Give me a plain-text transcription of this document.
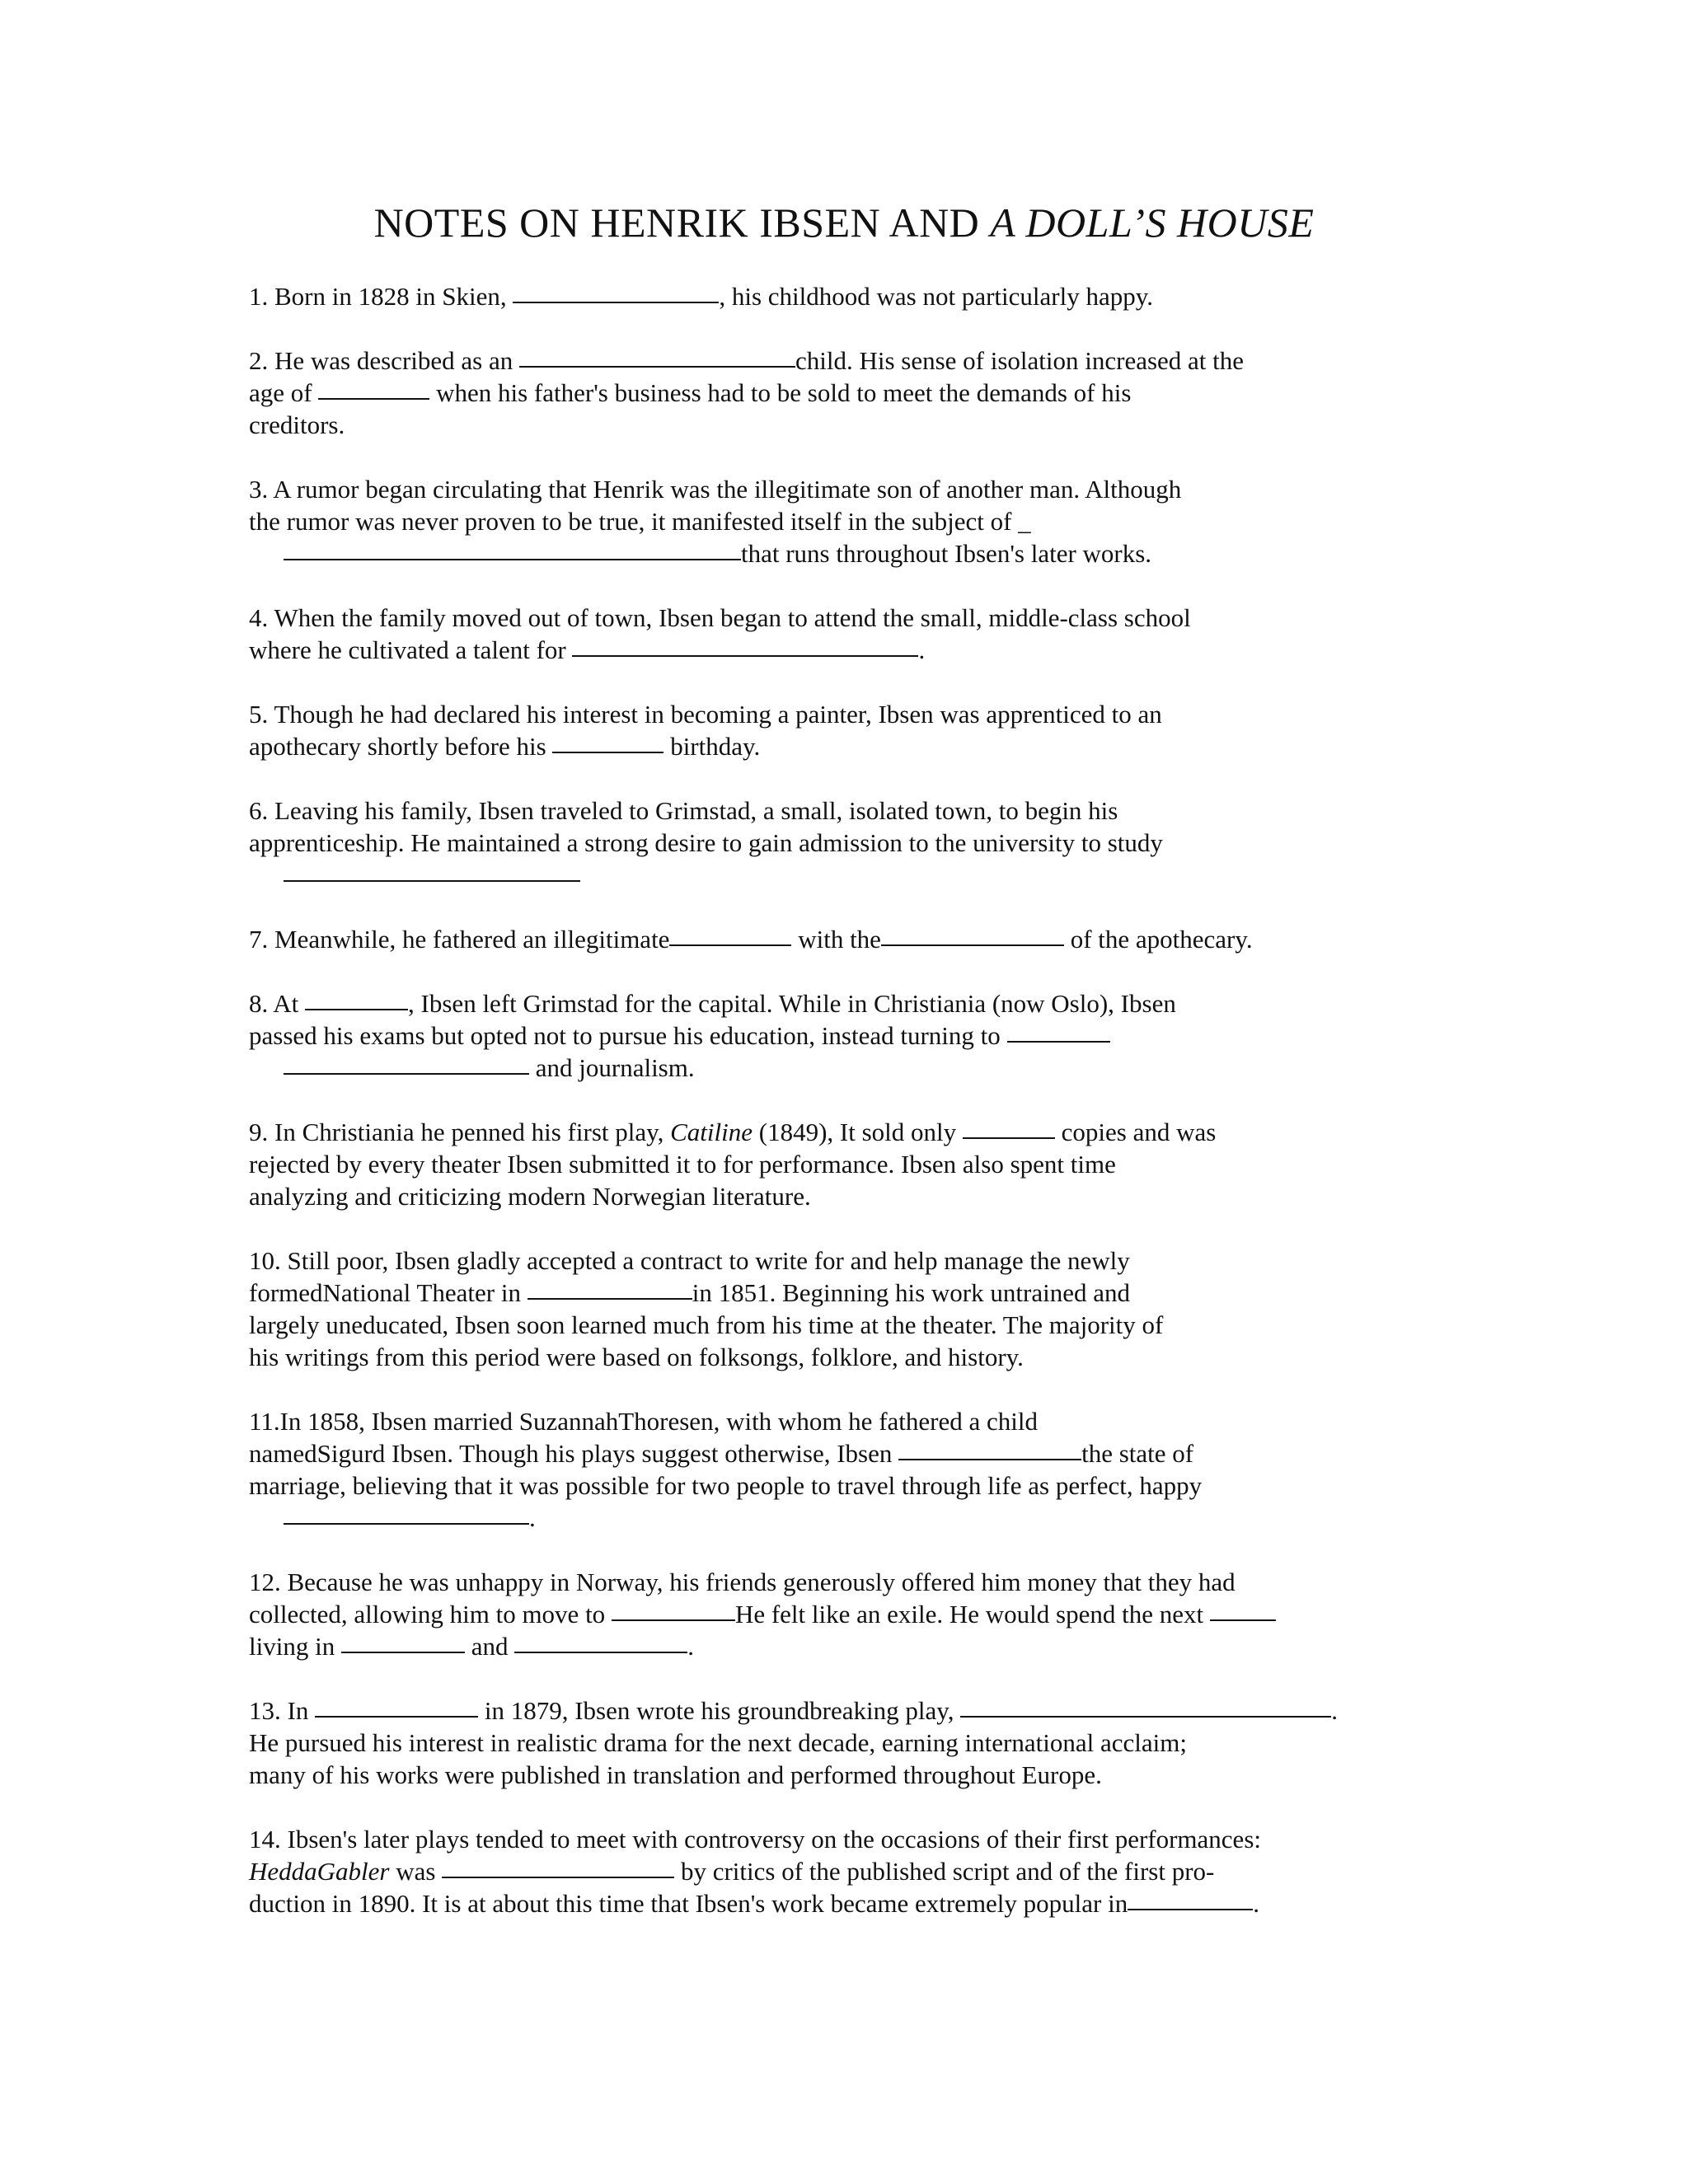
NOTES ON HENRIK IBSEN AND A DOLL’S HOUSE
1. Born in 1828 in Skien,	, his childhood was not particularly happy.
2. He was described as an	child. His sense of isolation increased at the
age of	when his father's business had to be sold to meet the demands of his
creditors.
3. A rumor began circulating that Henrik was the illegitimate son of another man. Although
the rumor was never proven to be true, it manifested itself in the subject of _
that runs throughout Ibsen's later works.
4. When the family moved out of town, Ibsen began to attend the small, middle-class school
where he cultivated a talent for	.
5. Though he had declared his interest in becoming a painter, Ibsen was apprenticed to an
apothecary shortly before his	birthday.
6. Leaving his family, Ibsen traveled to Grimstad, a small, isolated town, to begin his
apprenticeship. He maintained a strong desire to gain admission to the university to study
7. Meanwhile, he fathered an illegitimate	with the	of the apothecary.
8. At	, Ibsen left Grimstad for the capital. While in Christiania (now Oslo), Ibsen
passed his exams but opted not to pursue his education, instead turning to
and journalism.
9. In Christiania he penned his first play, Catiline (1849), It sold only	copies and was
rejected by every theater Ibsen submitted it to for performance. Ibsen also spent time
analyzing and criticizing modern Norwegian literature.
10. Still poor, Ibsen gladly accepted a contract to write for and help manage the newly
formedNational Theater in	in 1851. Beginning his work untrained and
largely uneducated, Ibsen soon learned much from his time at the theater. The majority of
his writings from this period were based on folksongs, folklore, and history.
11.In 1858, Ibsen married SuzannahThoresen, with whom he fathered a child
namedSigurd Ibsen. Though his plays suggest otherwise, Ibsen	the state of
marriage, believing that it was possible for two people to travel through life as perfect, happy
.
12. Because he was unhappy in Norway, his friends generously offered him money that they had
collected, allowing him to move to	He felt like an exile. He would spend the next
living in	and	.
13. In	in 1879, Ibsen wrote his groundbreaking play,	.
He pursued his interest in realistic drama for the next decade, earning international acclaim;
many of his works were published in translation and performed throughout Europe.
14. Ibsen's later plays tended to meet with controversy on the occasions of their first performances:
HeddaGabler was	by critics of the published script and of the first pro-
duction in 1890. It is at about this time that Ibsen's work became extremely popular in	.
